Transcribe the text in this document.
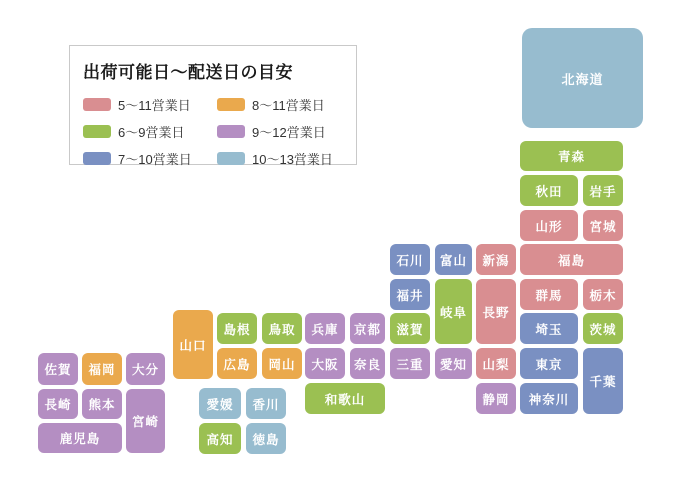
北海道
青森
秋田	岩手
山形	宮城
石川	富山	新潟	福島
福井
岐阜	長野
群馬	栃木
滋賀	埼玉	茨城
三重	愛知	山梨	東京
千葉
静岡	神奈川
兵庫	京都
大阪	奈良
和歌山
山口
島根	鳥取
広島	岡山
愛媛	香川
高知	徳島
佐賀	福岡	大分
長崎	熊本
宮崎
鹿児島
出荷可能日〜配送日の目安
5〜11営業日
6〜9営業日
7〜10営業日
8〜11営業日
9〜12営業日
10〜13営業日
